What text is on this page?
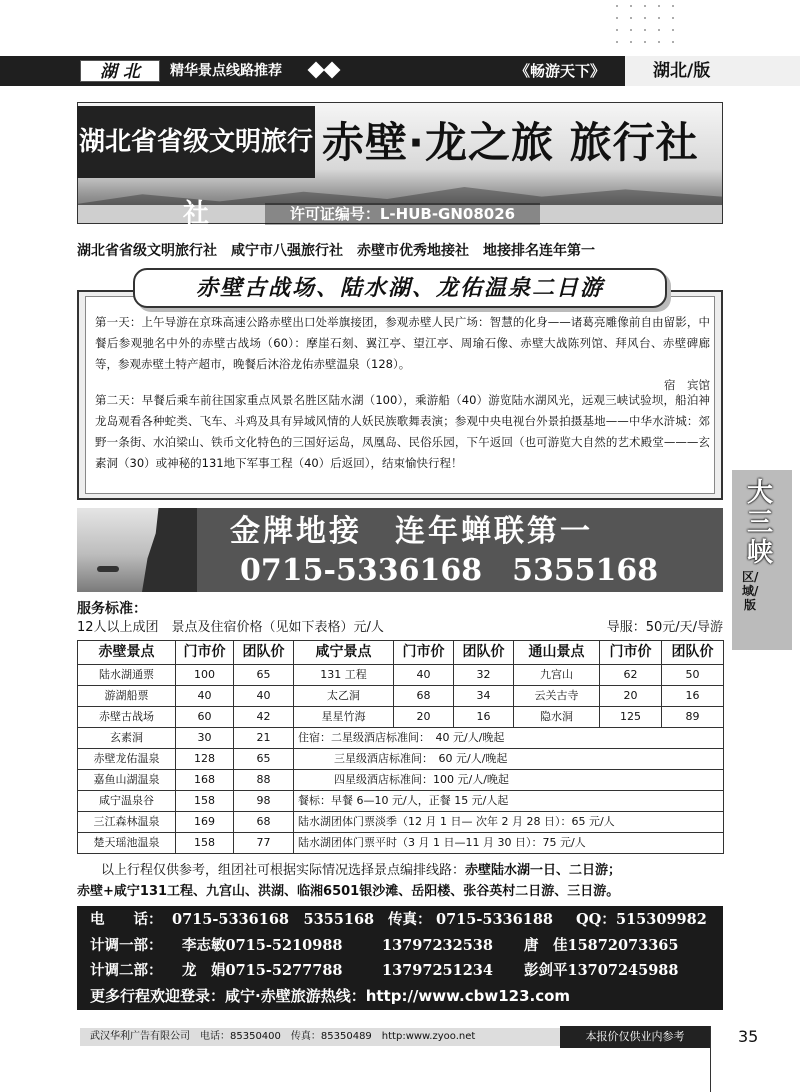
湖 北	精华景点线路推荐	《畅游天下》	湖北/版
湖北省省级文明旅行社
赤壁·龙之旅 旅行社
许可证编号：L-HUB-GN08026
湖北省省级文明旅行社　咸宁市八强旅行社　赤壁市优秀地接社　地接排名连年第一
赤壁古战场、陆水湖、龙佑温泉二日游
第一天：上午导游在京珠高速公路赤壁出口处举旗接团，参观赤壁人民广场：智慧的化身——诸葛亮雕像前自由留影，中餐后参观驰名中外的赤壁古战场（60）：摩崖石刻、翼江亭、望江亭、周瑜石像、赤壁大战陈列馆、拜风台、赤壁碑廊等，参观赤壁土特产超市，晚餐后沐浴龙佑赤壁温泉（128）。
宿　宾馆
第二天：早餐后乘车前往国家重点风景名胜区陆水湖（100），乘游船（40）游览陆水湖风光，远观三峡试验坝，船泊神龙岛观看各种蛇类、飞车、斗鸡及具有异域风情的人妖民族歌舞表演；参观中央电视台外景拍摄基地——中华水浒城：郊野一条街、水泊梁山、铁币文化特色的三国好运岛，凤凰岛、民俗乐园，下午返回（也可游览大自然的艺术殿堂———玄素洞（30）或神秘的131地下军事工程（40）后返回），结束愉快行程！
金牌地接　连年蝉联第一
0715-5336168　5355168
大三峡
区/域/版
服务标准：
12人以上成团　景点及住宿价格（见如下表格）元/人	导服：50元/天/导游
赤壁景点	门市价	团队价	咸宁景点	门市价	团队价	通山景点	门市价	团队价
陆水湖通票	100	65	131 工程	40	32	九宫山	62	50
游湖船票	40	40	太乙洞	68	34	云关古寺	20	16
赤壁古战场	60	42	星星竹海	20	16	隐水洞	125	89
玄素洞	30	21	住宿：二星级酒店标准间：　40 元/人/晚起					
赤壁龙佑温泉	128	65	三星级酒店标准间：　60 元/人/晚起					
嘉鱼山湖温泉	168	88	四星级酒店标准间：100 元/人/晚起					
咸宁温泉谷	158	98	餐标：早餐 6—10 元/人，正餐 15 元/人起					
三江森林温泉	169	68	陆水湖团体门票淡季（12 月 1 日— 次年 2 月 28 日）：65 元/人					
楚天瑶池温泉	158	77	陆水湖团体门票平时（3 月 1 日—11 月 30 日）：75 元/人					
以上行程仅供参考，组团社可根据实际情况选择景点编排线路：赤壁陆水湖一日、二日游；
赤壁+咸宁131工程、九宫山、洪湖、临湘6501银沙滩、岳阳楼、张谷英村二日游、三日游。
电　　话： 0715-5336168　5355168 传真： 0715-5336188 QQ： 515309982
计调一部： 李志敏0715-5210988	13797232538 唐　佳15872073365
计调二部： 龙　娟0715-5277788	13797251234 彭剑平13707245988
更多行程欢迎登录：咸宁·赤壁旅游热线：http://www.cbw123.com
武汉华利广告有限公司　电话：85350400　传真：85350489　http:www.zyoo.net	本报价仅供业内参考	35
